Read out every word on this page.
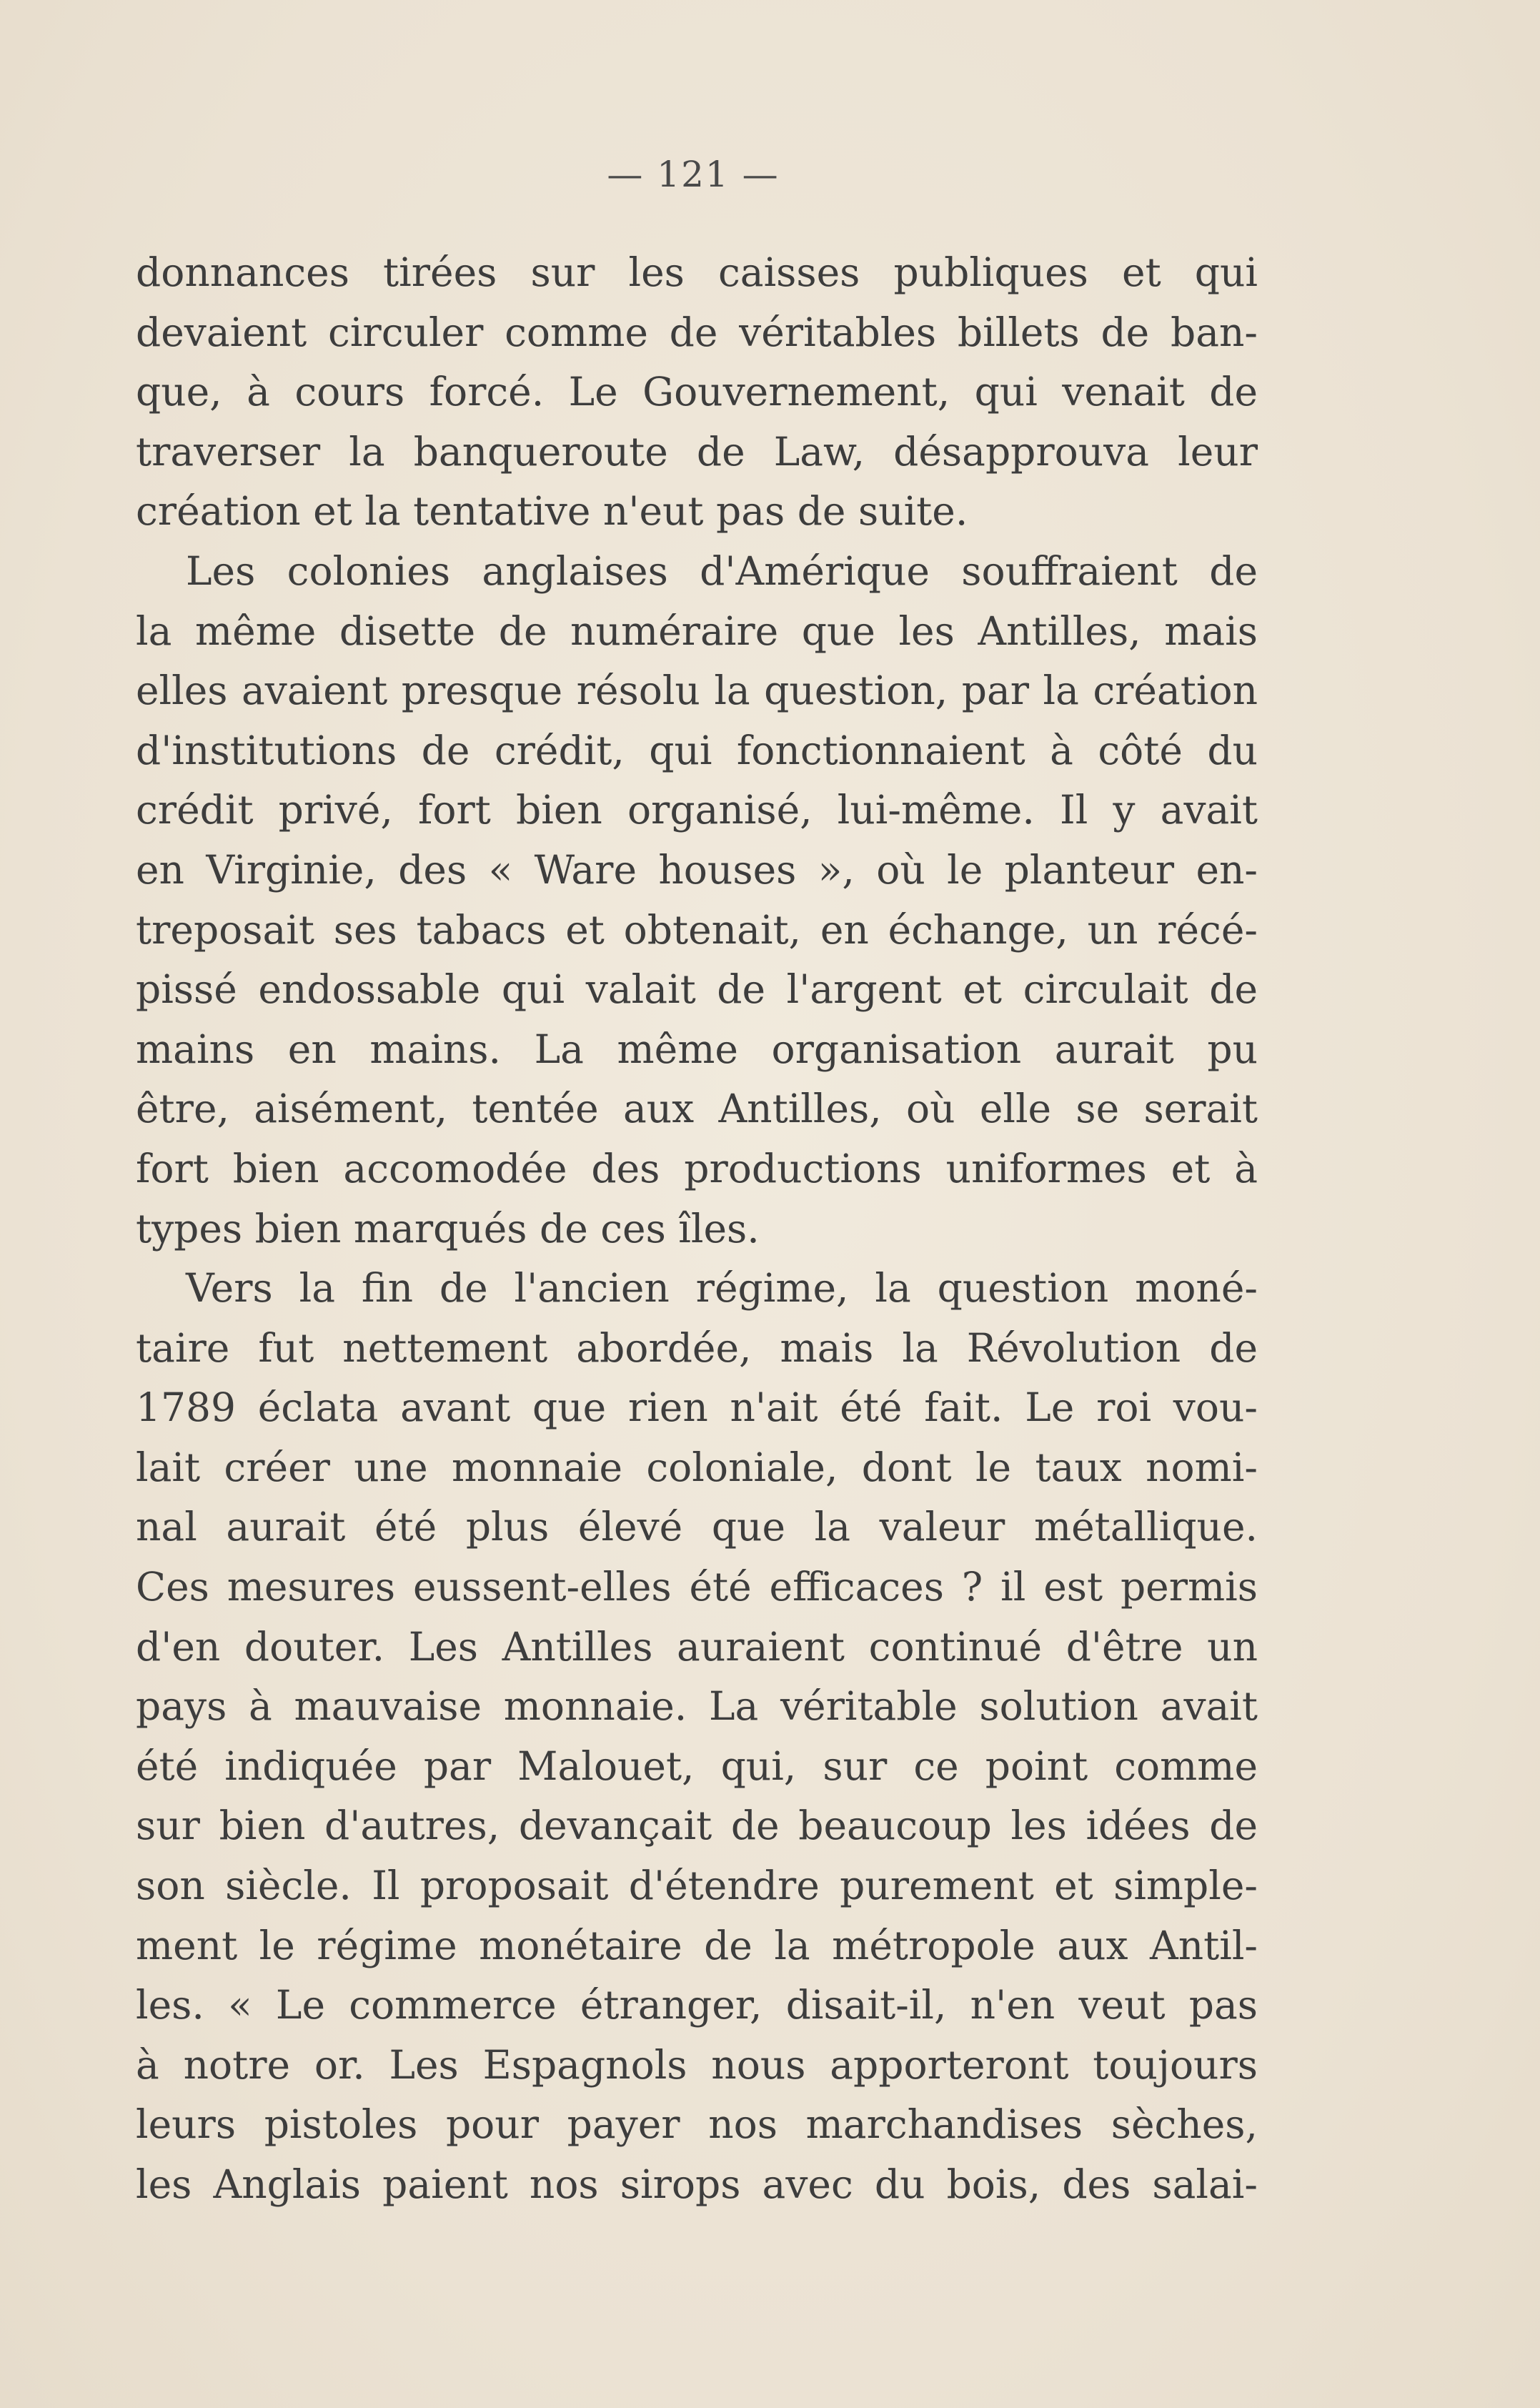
— 121 —
donnances tirées sur les caisses publiques et qui
devaient circuler comme de véritables billets de ban-
que, à cours forcé. Le Gouvernement, qui venait de
traverser la banqueroute de Law, désapprouva leur
création et la tentative n'eut pas de suite.
Les colonies anglaises d'Amérique souffraient de
la même disette de numéraire que les Antilles, mais
elles avaient presque résolu la question, par la création
d'institutions de crédit, qui fonctionnaient à côté du
crédit privé, fort bien organisé, lui-même. Il y avait
en Virginie, des « Ware houses », où le planteur en-
treposait ses tabacs et obtenait, en échange, un récé-
pissé endossable qui valait de l'argent et circulait de
mains en mains. La même organisation aurait pu
être, aisément, tentée aux Antilles, où elle se serait
fort bien accomodée des productions uniformes et à
types bien marqués de ces îles.
Vers la fin de l'ancien régime, la question moné-
taire fut nettement abordée, mais la Révolution de
1789 éclata avant que rien n'ait été fait. Le roi vou-
lait créer une monnaie coloniale, dont le taux nomi-
nal aurait été plus élevé que la valeur métallique.
Ces mesures eussent-elles été efficaces ? il est permis
d'en douter. Les Antilles auraient continué d'être un
pays à mauvaise monnaie. La véritable solution avait
été indiquée par Malouet, qui, sur ce point comme
sur bien d'autres, devançait de beaucoup les idées de
son siècle. Il proposait d'étendre purement et simple-
ment le régime monétaire de la métropole aux Antil-
les. « Le commerce étranger, disait-il, n'en veut pas
à notre or. Les Espagnols nous apporteront toujours
leurs pistoles pour payer nos marchandises sèches,
les Anglais paient nos sirops avec du bois, des salai-
